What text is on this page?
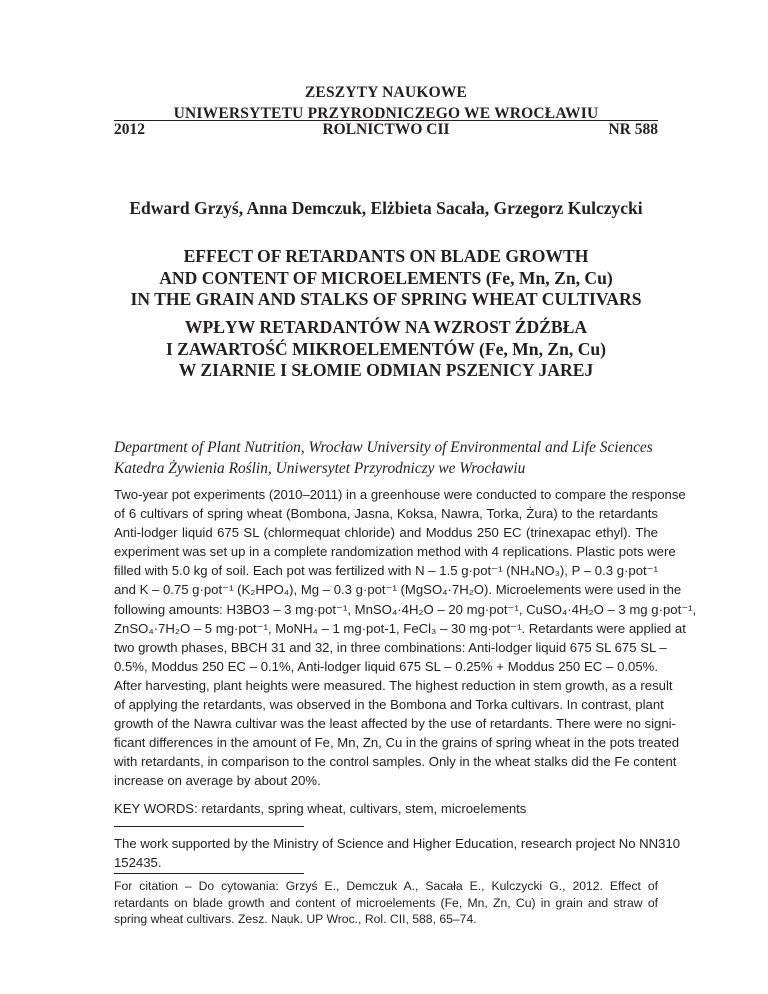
ZESZYTY NAUKOWE
UNIWERSYTETU PRZYRODNICZEGO WE WROCŁAWIU
2012	ROLNICTWO CII	NR 588
Edward Grzyś, Anna Demczuk, Elżbieta Sacała, Grzegorz Kulczycki
EFFECT OF RETARDANTS ON BLADE GROWTH
AND CONTENT OF MICROELEMENTS (Fe, Mn, Zn, Cu)
IN THE GRAIN AND STALKS OF SPRING WHEAT CULTIVARS
WPŁYW RETARDANTÓW NA WZROST ŹDŹBŁA
I ZAWARTOŚĆ MIKROELEMENTÓW (Fe, Mn, Zn, Cu)
W ZIARNIE I SŁOMIE ODMIAN PSZENICY JAREJ
Department of Plant Nutrition, Wrocław University of Environmental and Life Sciences
Katedra Żywienia Roślin, Uniwersytet Przyrodniczy we Wrocławiu
Two-year pot experiments (2010–2011) in a greenhouse were conducted to compare the response
of 6 cultivars of spring wheat (Bombona, Jasna, Koksa, Nawra, Torka, Żura) to the retardants
Anti-lodger liquid 675 SL (chlormequat chloride) and Moddus 250 EC (trinexapac ethyl). The
experiment was set up in a complete randomization method with 4 replications. Plastic pots were
filled with 5.0 kg of soil. Each pot was fertilized with N – 1.5 g·pot⁻¹ (NH₄NO₃), P – 0.3 g·pot⁻¹
and K – 0.75 g·pot⁻¹ (K₂HPO₄), Mg – 0.3 g·pot⁻¹ (MgSO₄·7H₂O). Microelements were used in the
following amounts: H3BO3 – 3 mg·pot⁻¹, MnSO₄·4H₂O – 20 mg·pot⁻¹, CuSO₄·4H₂O – 3 mg g·pot⁻¹,
ZnSO₄·7H₂O – 5 mg·pot⁻¹, MoNH₄ – 1 mg·pot-1, FeCl₃ – 30 mg·pot⁻¹. Retardants were applied at
two growth phases, BBCH 31 and 32, in three combinations: Anti-lodger liquid 675 SL 675 SL –
0.5%, Moddus 250 EC – 0.1%, Anti-lodger liquid 675 SL – 0.25% + Moddus 250 EC – 0.05%.
After harvesting, plant heights were measured. The highest reduction in stem growth, as a result
of applying the retardants, was observed in the Bombona and Torka cultivars. In contrast, plant
growth of the Nawra cultivar was the least affected by the use of retardants. There were no signi-
ficant differences in the amount of Fe, Mn, Zn, Cu in the grains of spring wheat in the pots treated
with retardants, in comparison to the control samples. Only in the wheat stalks did the Fe content
increase on average by about 20%.
KEY WORDS: retardants, spring wheat, cultivars, stem, microelements
The work supported by the Ministry of Science and Higher Education, research project No NN310
152435.
For citation – Do cytowania: Grzyś E., Demczuk A., Sacała E., Kulczycki G., 2012. Effect of
retardants on blade growth and content of microelements (Fe, Mn, Zn, Cu) in grain and straw of
spring wheat cultivars. Zesz. Nauk. UP Wroc., Rol. CII, 588, 65–74.
